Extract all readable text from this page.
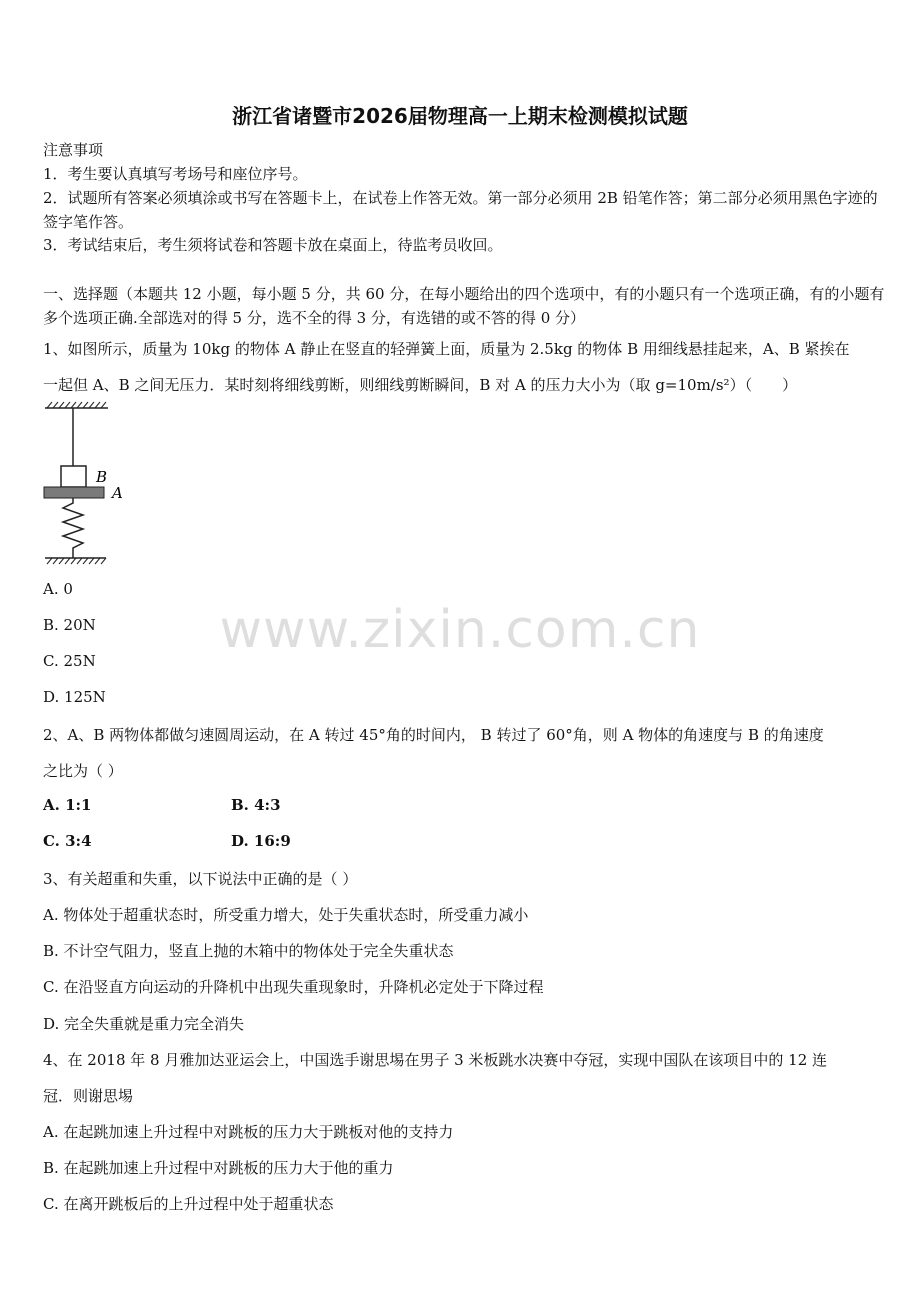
浙江省诸暨市2026届物理高一上期末检测模拟试题
注意事项
1．考生要认真填写考场号和座位序号。
2．试题所有答案必须填涂或书写在答题卡上，在试卷上作答无效。第一部分必须用 2B 铅笔作答；第二部分必须用黑色字迹的签字笔作答。
3．考试结束后，考生须将试卷和答题卡放在桌面上，待监考员收回。
一、选择题（本题共 12 小题，每小题 5 分，共 60 分，在每小题给出的四个选项中，有的小题只有一个选项正确，有的小题有多个选项正确.全部选对的得 5 分，选不全的得 3 分，有选错的或不答的得 0 分）
1、如图所示，质量为 10kg 的物体 A 静止在竖直的轻弹簧上面，质量为 2.5kg 的物体 B 用细线悬挂起来，A、B 紧挨在
一起但 A、B 之间无压力．某时刻将细线剪断，则细线剪断瞬间，B 对 A 的压力大小为（取 g=10m/s²）（　　）
B
A
A. 0
B. 20N
C. 25N
D. 125N
2、A、B 两物体都做匀速圆周运动，在 A 转过 45°角的时间内， B 转过了 60°角，则 A 物体的角速度与 B 的角速度
之比为（ ）
A. 1:1	B. 4:3
C. 3:4	D. 16:9
3、有关超重和失重，以下说法中正确的是（ ）
A. 物体处于超重状态时，所受重力增大，处于失重状态时，所受重力减小
B. 不计空气阻力，竖直上抛的木箱中的物体处于完全失重状态
C. 在沿竖直方向运动的升降机中出现失重现象时，升降机必定处于下降过程
D. 完全失重就是重力完全消失
4、在 2018 年 8 月雅加达亚运会上，中国选手谢思埸在男子 3 米板跳水决赛中夺冠，实现中国队在该项目中的 12 连
冠．则谢思埸
A. 在起跳加速上升过程中对跳板的压力大于跳板对他的支持力
B. 在起跳加速上升过程中对跳板的压力大于他的重力
C. 在离开跳板后的上升过程中处于超重状态
www.zixin.com.cn
